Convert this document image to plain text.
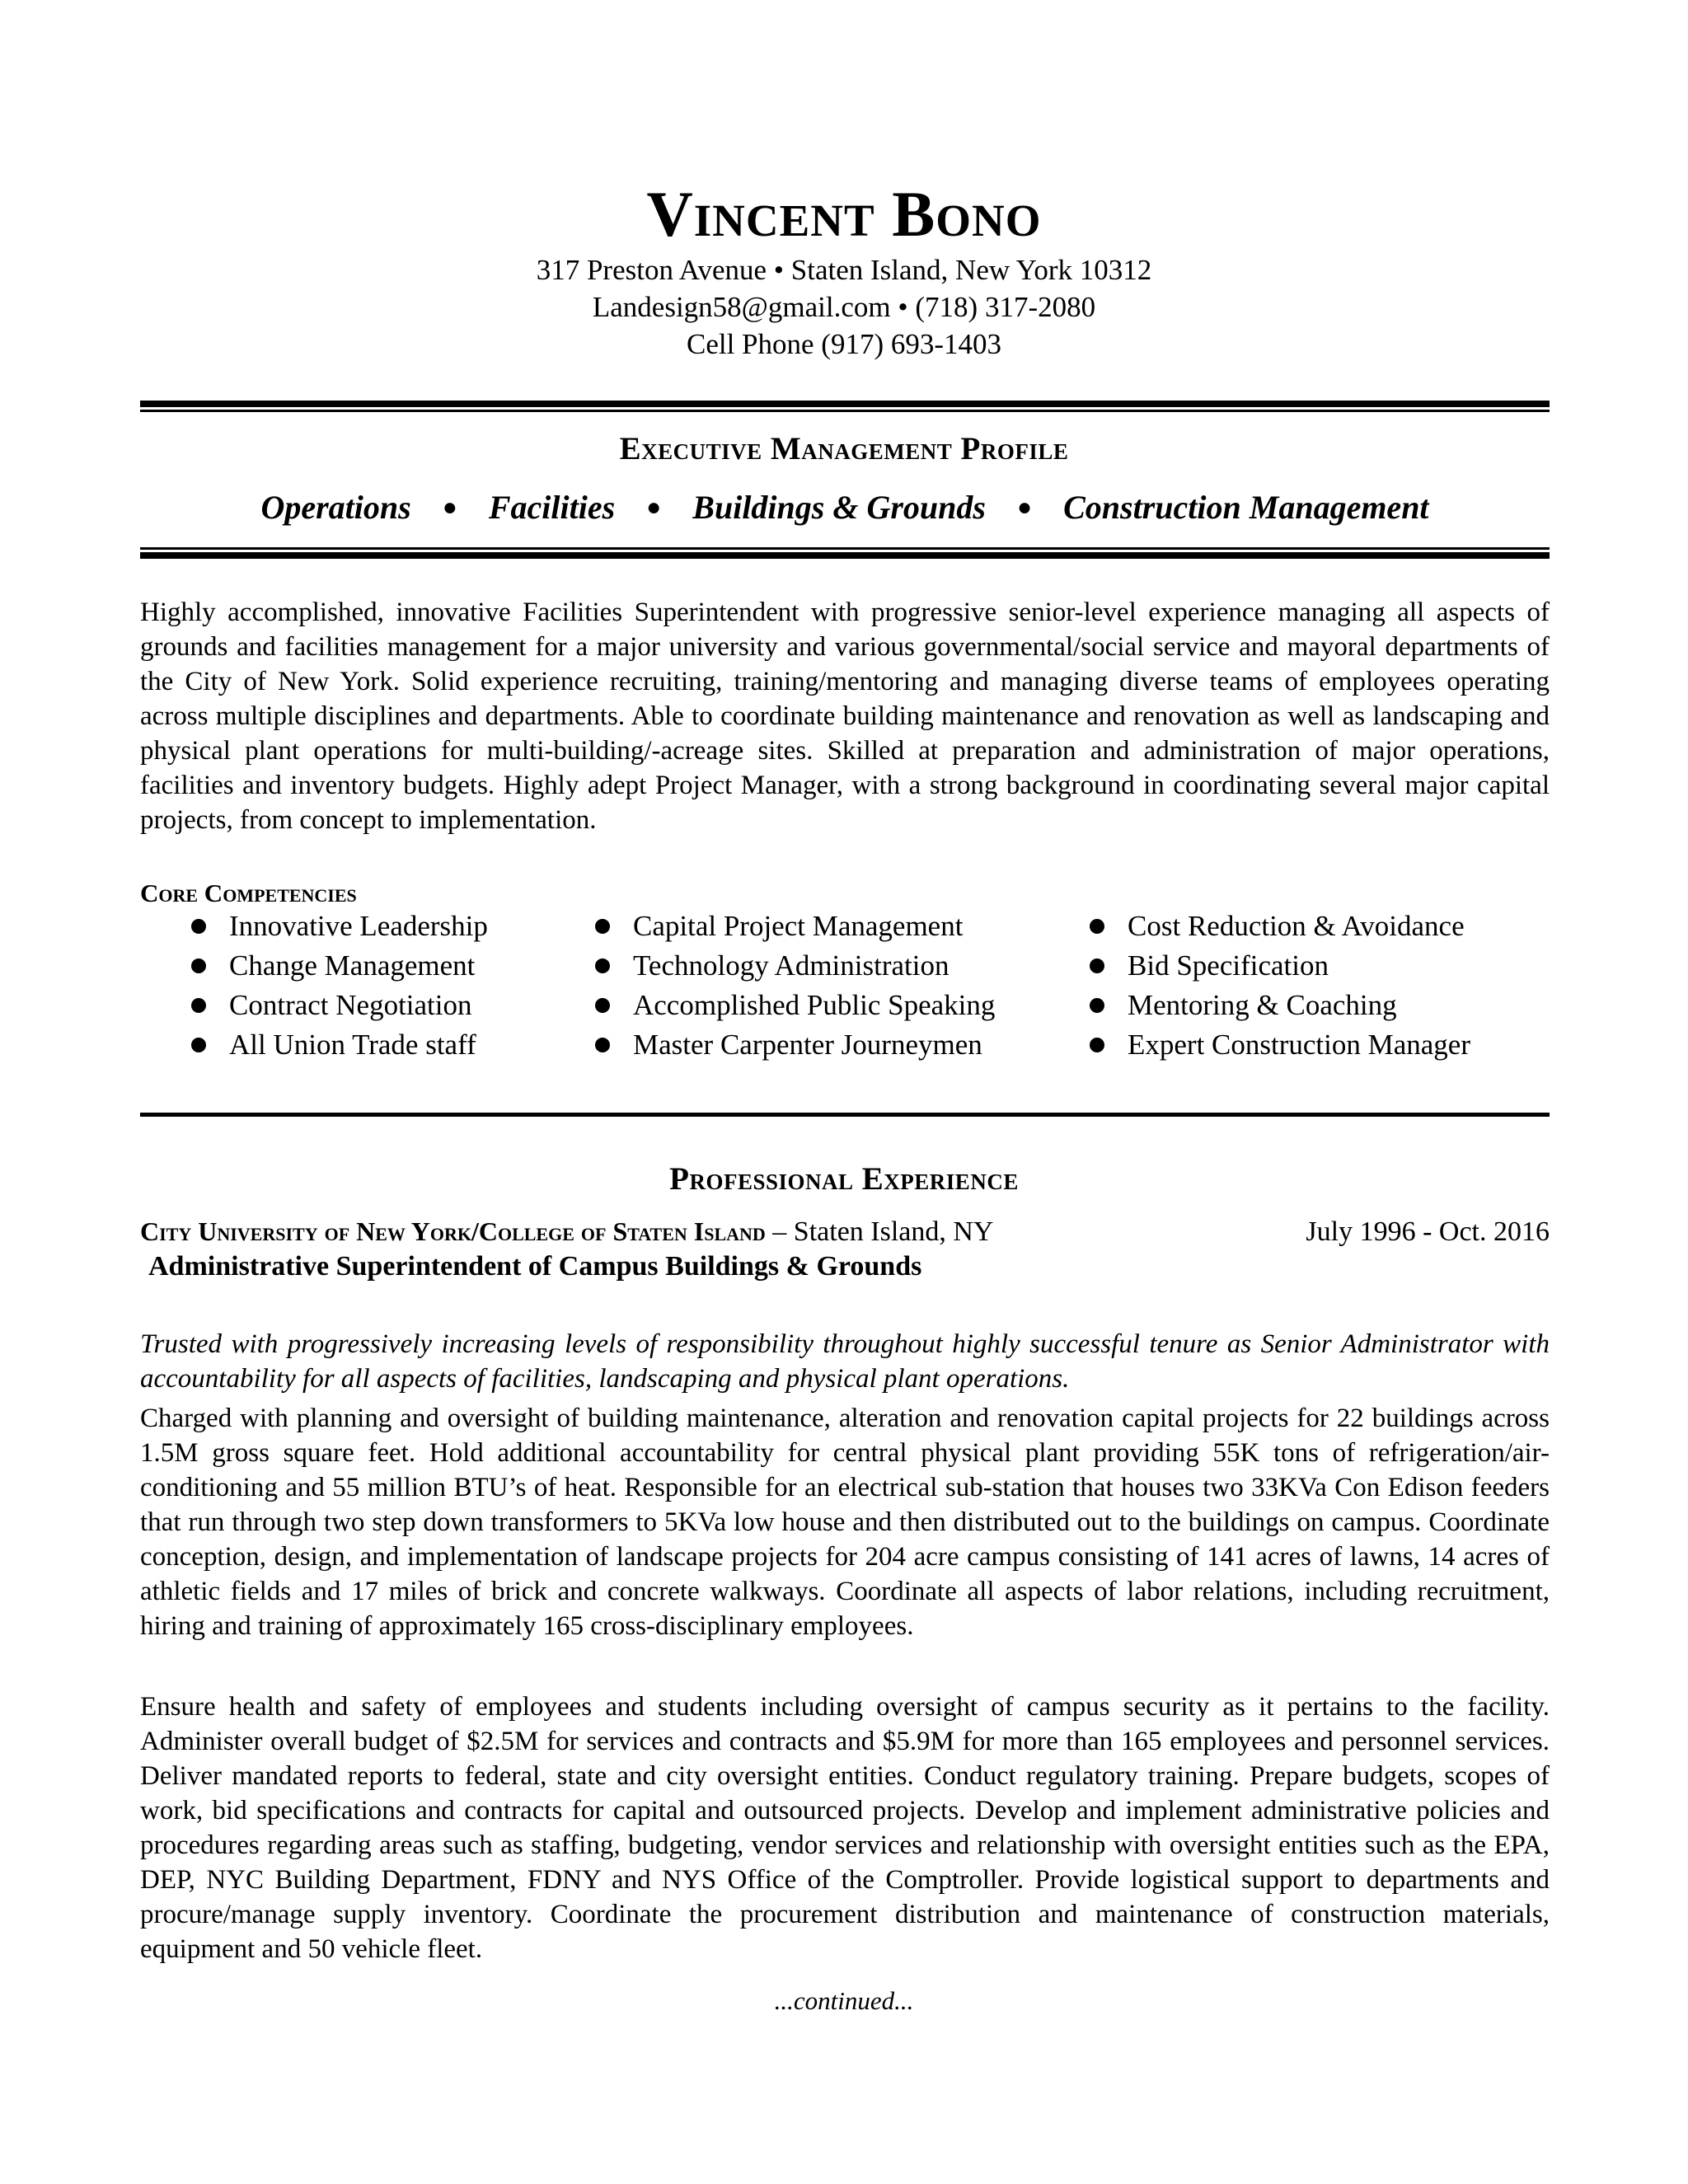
Vincent Bono
317 Preston Avenue • Staten Island, New York 10312
Landesign58@gmail.com • (718) 317-2080
Cell Phone (917) 693-1403
Executive Management Profile
Operations ● Facilities ● Buildings & Grounds ● Construction Management
Highly accomplished, innovative Facilities Superintendent with progressive senior-level experience managing all aspects of grounds and facilities management for a major university and various governmental/social service and mayoral departments of the City of New York. Solid experience recruiting, training/mentoring and managing diverse teams of employees operating across multiple disciplines and departments. Able to coordinate building maintenance and renovation as well as landscaping and physical plant operations for multi-building/-acreage sites. Skilled at preparation and administration of major operations, facilities and inventory budgets. Highly adept Project Manager, with a strong background in coordinating several major capital projects, from concept to implementation.
Core Competencies
Innovative Leadership
Change Management
Contract Negotiation
All Union Trade staff
Capital Project Management
Technology Administration
Accomplished Public Speaking
Master Carpenter Journeymen
Cost Reduction & Avoidance
Bid Specification
Mentoring & Coaching
Expert Construction Manager
Professional Experience
City University of New York/College of Staten Island – Staten Island, NY	July 1996 - Oct. 2016
Administrative Superintendent of Campus Buildings & Grounds
Trusted with progressively increasing levels of responsibility throughout highly successful tenure as Senior Administrator with accountability for all aspects of facilities, landscaping and physical plant operations.
Charged with planning and oversight of building maintenance, alteration and renovation capital projects for 22 buildings across 1.5M gross square feet. Hold additional accountability for central physical plant providing 55K tons of refrigeration/air-conditioning and 55 million BTU’s of heat. Responsible for an electrical sub-station that houses two 33KVa Con Edison feeders that run through two step down transformers to 5KVa low house and then distributed out to the buildings on campus. Coordinate conception, design, and implementation of landscape projects for 204 acre campus consisting of 141 acres of lawns, 14 acres of athletic fields and 17 miles of brick and concrete walkways. Coordinate all aspects of labor relations, including recruitment, hiring and training of approximately 165 cross-disciplinary employees.
Ensure health and safety of employees and students including oversight of campus security as it pertains to the facility. Administer overall budget of $2.5M for services and contracts and $5.9M for more than 165 employees and personnel services. Deliver mandated reports to federal, state and city oversight entities. Conduct regulatory training. Prepare budgets, scopes of work, bid specifications and contracts for capital and outsourced projects. Develop and implement administrative policies and procedures regarding areas such as staffing, budgeting, vendor services and relationship with oversight entities such as the EPA, DEP, NYC Building Department, FDNY and NYS Office of the Comptroller. Provide logistical support to departments and procure/manage supply inventory. Coordinate the procurement distribution and maintenance of construction materials, equipment and 50 vehicle fleet.
...continued...
